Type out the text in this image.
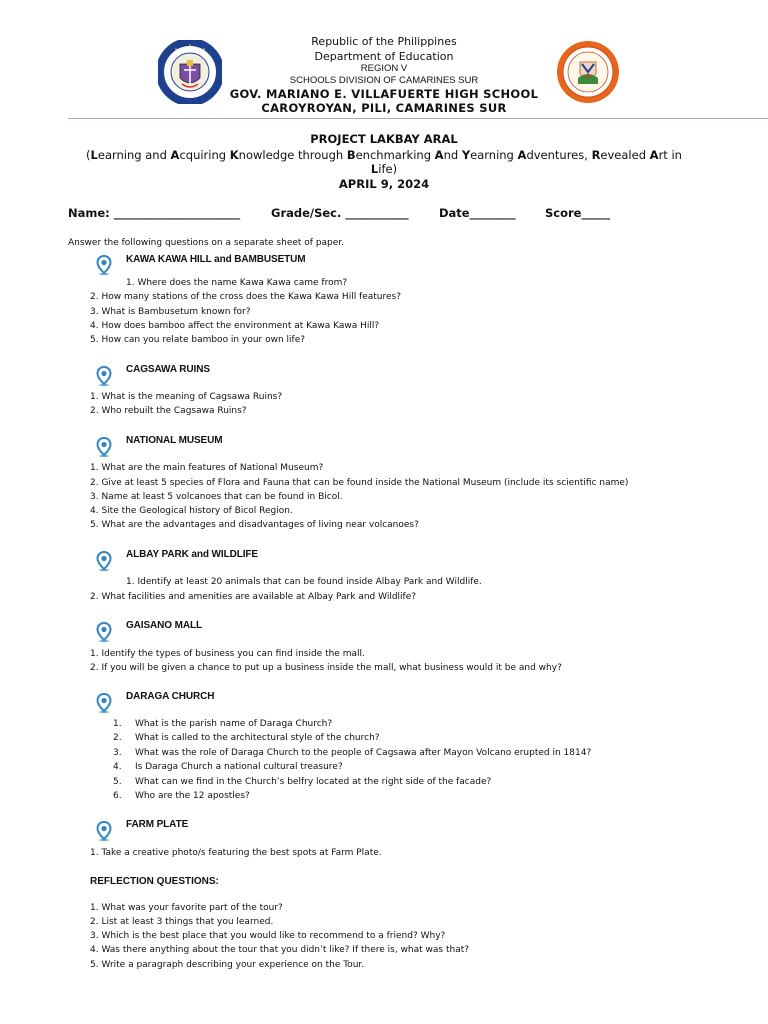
Republic of the Philippines
Department of Education
REGION V
SCHOOLS DIVISION OF CAMARINES SUR
GOV. MARIANO E. VILLAFUERTE HIGH SCHOOL
CAROYROYAN, PILI, CAMARINES SUR
PROJECT LAKBAY ARAL
(Learning and Acquiring Knowledge through Benchmarking And Yearning Adventures, Revealed Art in
Life)
APRIL 9, 2024
Name: ______________________	Grade/Sec. ___________	Date________	Score_____
Answer the following questions on a separate sheet of paper.
KAWA KAWA HILL and BAMBUSETUM
1. Where does the name Kawa Kawa came from?
2. How many stations of the cross does the Kawa Kawa Hill features?
3. What is Bambusetum known for?
4. How does bamboo affect the environment at Kawa Kawa Hill?
5. How can you relate bamboo in your own life?
CAGSAWA RUINS
1. What is the meaning of Cagsawa Ruins?
2. Who rebuilt the Cagsawa Ruins?
NATIONAL MUSEUM
1. What are the main features of National Museum?
2. Give at least 5 species of Flora and Fauna that can be found inside the National Museum (include its scientific name)
3. Name at least 5 volcanoes that can be found in Bicol.
4. Site the Geological history of Bicol Region.
5. What are the advantages and disadvantages of living near volcanoes?
ALBAY PARK and WILDLIFE
1. Identify at least 20 animals that can be found inside Albay Park and Wildlife.
2. What facilities and amenities are available at Albay Park and Wildlife?
GAISANO MALL
1. Identify the types of business you can find inside the mall.
2. If you will be given a chance to put up a business inside the mall, what business would it be and why?
DARAGA CHURCH
1. What is the parish name of Daraga Church?
2. What is called to the architectural style of the church?
3. What was the role of Daraga Church to the people of Cagsawa after Mayon Volcano erupted in 1814?
4. Is Daraga Church a national cultural treasure?
5. What can we find in the Church’s belfry located at the right side of the facade?
6. Who are the 12 apostles?
FARM PLATE
1. Take a creative photo/s featuring the best spots at Farm Plate.
REFLECTION QUESTIONS:
1. What was your favorite part of the tour?
2. List at least 3 things that you learned.
3. Which is the best place that you would like to recommend to a friend? Why?
4. Was there anything about the tour that you didn’t like? If there is, what was that?
5. Write a paragraph describing your experience on the Tour.
